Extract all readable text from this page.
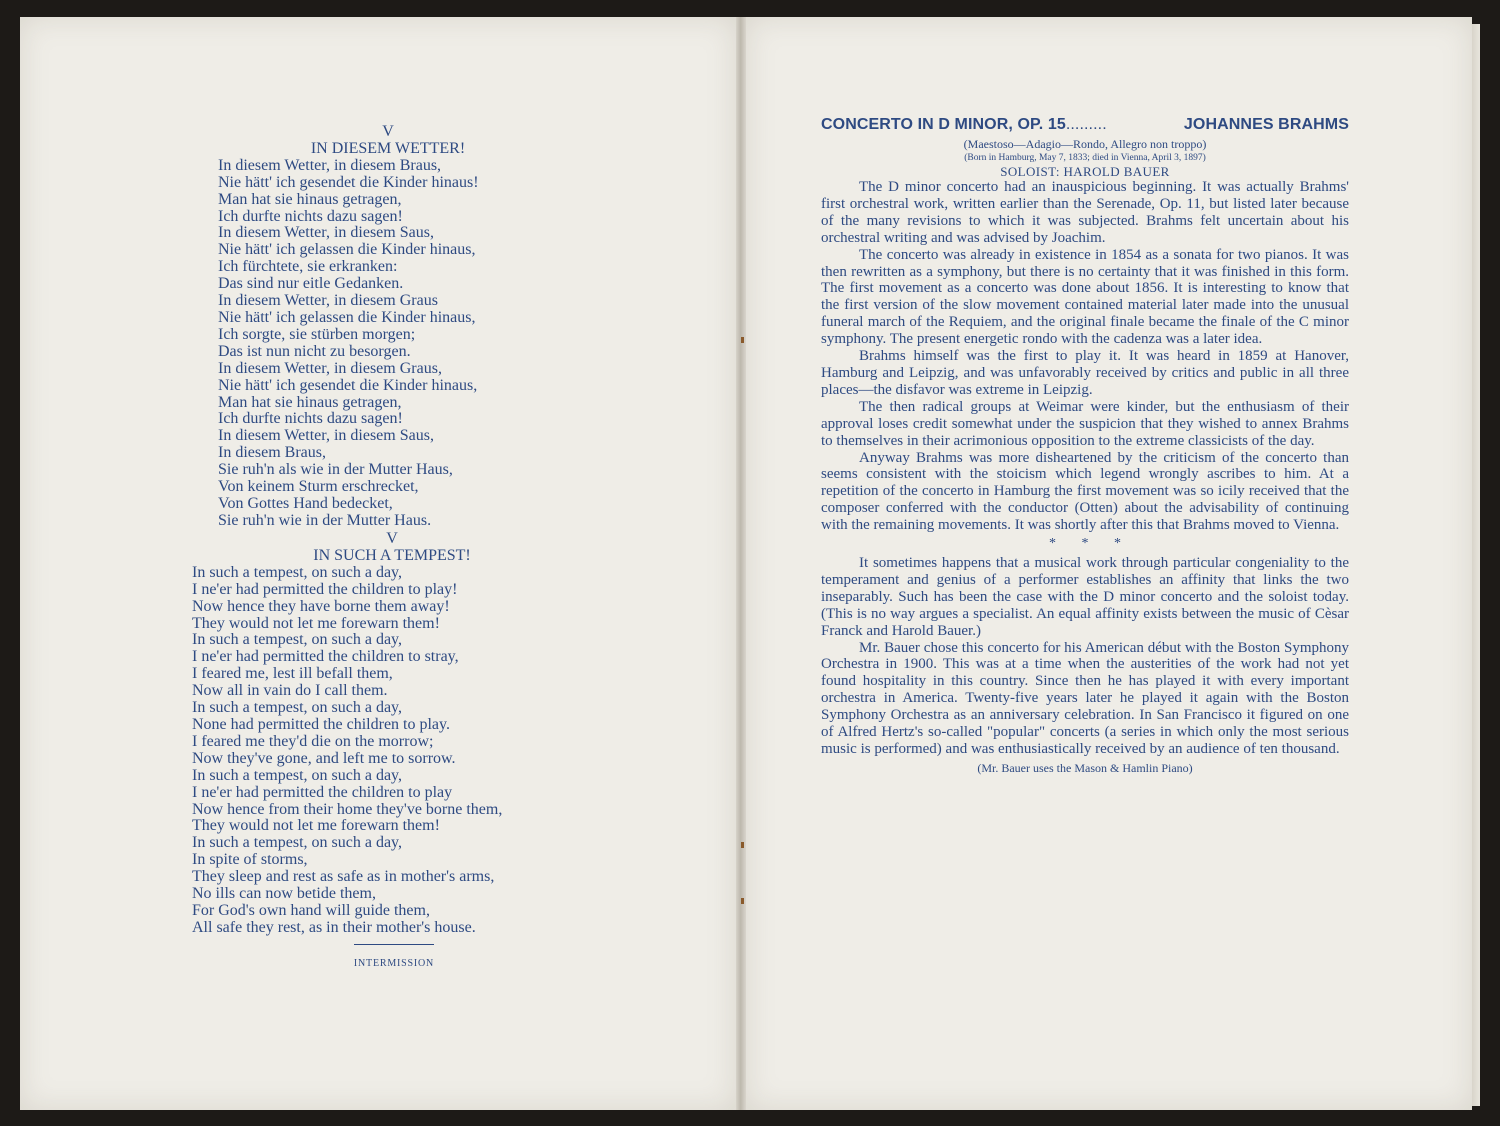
V
IN DIESEM WETTER!
In diesem Wetter, in diesem Braus,
Nie hätt' ich gesendet die Kinder hinaus!
Man hat sie hinaus getragen,
Ich durfte nichts dazu sagen!
In diesem Wetter, in diesem Saus,
Nie hätt' ich gelassen die Kinder hinaus,
Ich fürchtete, sie erkranken:
Das sind nur eitle Gedanken.
In diesem Wetter, in diesem Graus
Nie hätt' ich gelassen die Kinder hinaus,
Ich sorgte, sie stürben morgen;
Das ist nun nicht zu besorgen.
In diesem Wetter, in diesem Graus,
Nie hätt' ich gesendet die Kinder hinaus,
Man hat sie hinaus getragen,
Ich durfte nichts dazu sagen!
In diesem Wetter, in diesem Saus,
In diesem Braus,
Sie ruh'n als wie in der Mutter Haus,
Von keinem Sturm erschrecket,
Von Gottes Hand bedecket,
Sie ruh'n wie in der Mutter Haus.
V
IN SUCH A TEMPEST!
In such a tempest, on such a day,
I ne'er had permitted the children to play!
Now hence they have borne them away!
They would not let me forewarn them!
In such a tempest, on such a day,
I ne'er had permitted the children to stray,
I feared me, lest ill befall them,
Now all in vain do I call them.
In such a tempest, on such a day,
None had permitted the children to play.
I feared me they'd die on the morrow;
Now they've gone, and left me to sorrow.
In such a tempest, on such a day,
I ne'er had permitted the children to play
Now hence from their home they've borne them,
They would not let me forewarn them!
In such a tempest, on such a day,
In spite of storms,
They sleep and rest as safe as in mother's arms,
No ills can now betide them,
For God's own hand will guide them,
All safe they rest, as in their mother's house.
INTERMISSION
CONCERTO IN D MINOR, OP. 15.........	JOHANNES BRAHMS
(Maestoso—Adagio—Rondo, Allegro non troppo)
(Born in Hamburg, May 7, 1833; died in Vienna, April 3, 1897)
SOLOIST: HAROLD BAUER

The D minor concerto had an inauspicious beginning. It was actually Brahms' first orchestral work, written earlier than the Serenade, Op. 11, but listed later because of the many revisions to which it was subjected. Brahms felt uncertain about his orchestral writing and was advised by Joachim.

The concerto was already in existence in 1854 as a sonata for two pianos. It was then rewritten as a symphony, but there is no certainty that it was finished in this form. The first movement as a concerto was done about 1856. It is interesting to know that the first version of the slow movement contained material later made into the unusual funeral march of the Requiem, and the original finale became the finale of the C minor symphony. The present energetic rondo with the cadenza was a later idea.

Brahms himself was the first to play it. It was heard in 1859 at Hanover, Hamburg and Leipzig, and was unfavorably received by critics and public in all three places—the disfavor was extreme in Leipzig.

The then radical groups at Weimar were kinder, but the enthusiasm of their approval loses credit somewhat under the suspicion that they wished to annex Brahms to themselves in their acrimonious opposition to the extreme classicists of the day.

Anyway Brahms was more disheartened by the criticism of the concerto than seems consistent with the stoicism which legend wrongly ascribes to him. At a repetition of the concerto in Hamburg the first movement was so icily received that the composer conferred with the conductor (Otten) about the advisability of continuing with the remaining movements. It was shortly after this that Brahms moved to Vienna.

* * *

It sometimes happens that a musical work through particular congeniality to the temperament and genius of a performer establishes an affinity that links the two inseparably. Such has been the case with the D minor concerto and the soloist today. (This is no way argues a specialist. An equal affinity exists between the music of Cèsar Franck and Harold Bauer.)

Mr. Bauer chose this concerto for his American début with the Boston Symphony Orchestra in 1900. This was at a time when the austerities of the work had not yet found hospitality in this country. Since then he has played it with every important orchestra in America. Twenty-five years later he played it again with the Boston Symphony Orchestra as an anniversary celebration. In San Francisco it figured on one of Alfred Hertz's so-called "popular" concerts (a series in which only the most serious music is performed) and was enthusiastically received by an audience of ten thousand.

(Mr. Bauer uses the Mason & Hamlin Piano)
